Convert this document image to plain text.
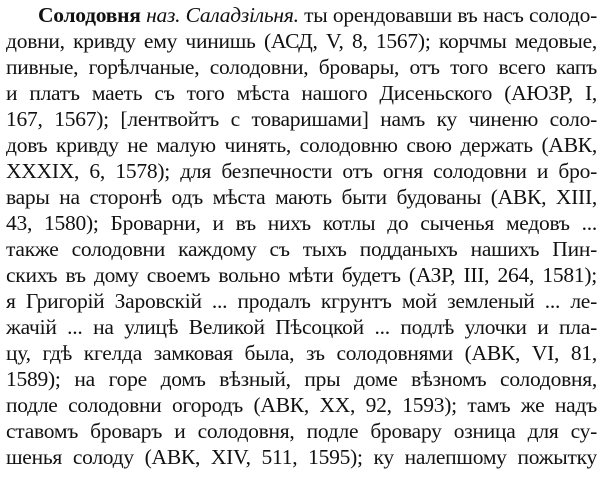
Солодовня наз. Саладзільня. ты орендовавши въ насъ солодо-
довни, кривду ему чинишь (АСД, V, 8, 1567); корчмы медовые,
пивные, горѣлчаные, солодовни, бровары, отъ того всего капъ
и платъ маеть съ того мѣста нашого Дисеньского (АЮЗР, I,
167, 1567); [лентвойтъ с товаришами] намъ ку чиненю соло-
довъ кривду не малую чинять, солодовню свою держать (АВК,
XXXIX, 6, 1578); для безпечности отъ огня солодовни и бро-
вары на сторонѣ одъ мѣста мають быти будованы (АВК, XIII,
43, 1580); Броварни, и въ нихъ котлы до сыченья медовъ ...
также солодовни каждому съ тыхъ подданыхъ нашихъ Пин-
скихъ въ дому своемъ вольно мѣти будетъ (АЗР, III, 264, 1581);
я Григорій Заровскій ... продалъ кгрунтъ мой земленый ... ле-
жачій ... на улицѣ Великой Пѣсоцкой ... подлѣ улочки и пла-
цу, гдѣ кгелда замковая была, зъ солодовнями (АВК, VI, 81,
1589); на горе домъ вѣзный, пры доме вѣзномъ солодовня,
подле солодовни огородъ (АВК, XX, 92, 1593); тамъ же надъ
ставомъ броваръ и солодовня, подле бровару озница для су-
шенья солоду (АВК, XIV, 511, 1595); ку налепшому пожытку
